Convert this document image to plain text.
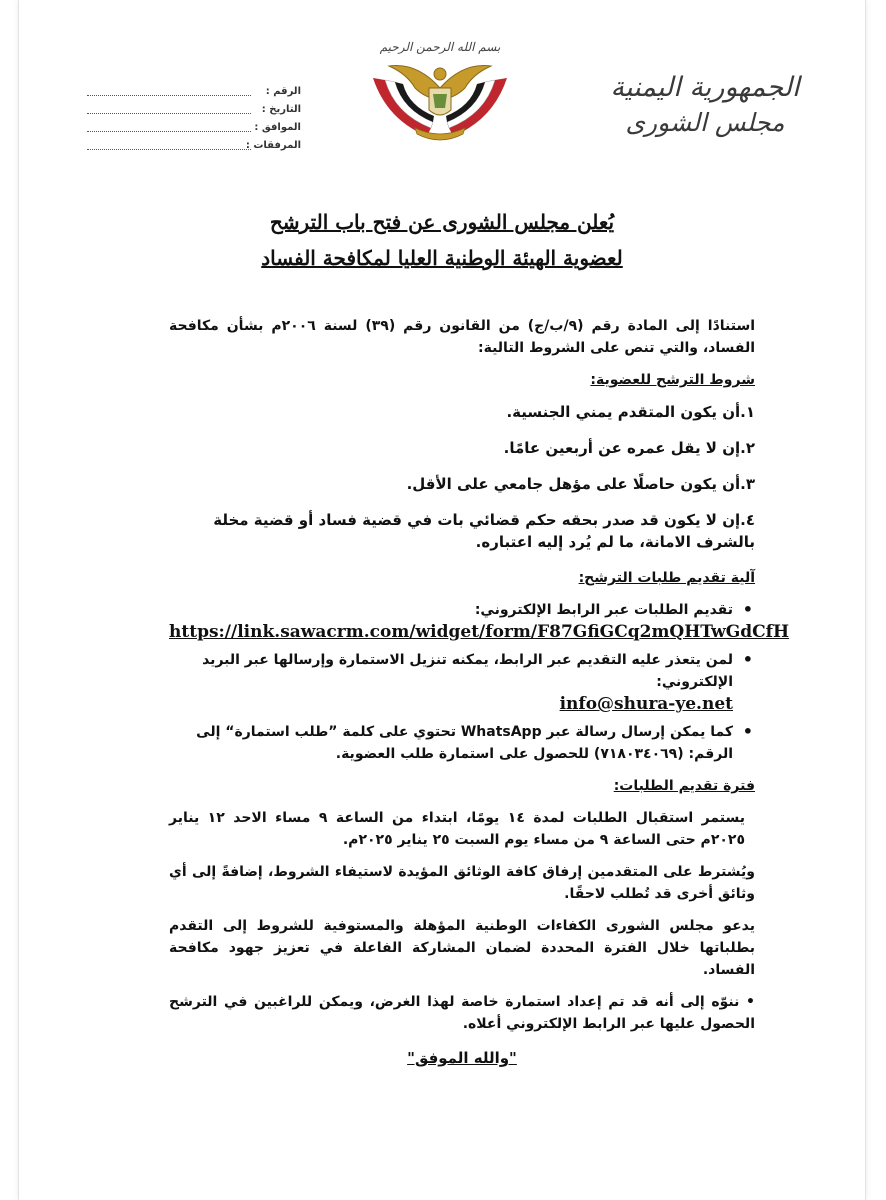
الجمهورية اليمنية
مجلس الشورى
بسم الله الرحمن الرحيم
الرقم :
التاريخ :
الموافق :
المرفقات :
يُعلن مجلس الشورى عن فتح باب الترشح
لعضوية الهيئة الوطنية العليا لمكافحة الفساد

استنادًا إلى المادة رقم (٩/ب/ج) من القانون رقم (٣٩) لسنة ٢٠٠٦م بشأن مكافحة الفساد، والتي تنص على الشروط التالية:

شروط الترشح للعضوية:

١.أن يكون المتقدم يمني الجنسية.

٢.إن لا يقل عمره عن أربعين عامًا.

٣.أن يكون حاصلًا على مؤهل جامعي على الأقل.

٤.إن لا يكون قد صدر بحقه حكم قضائي بات في قضية فساد أو قضية مخلة بالشرف الامانة، ما لم يُرد إليه اعتباره.

آلية تقديم طلبات الترشح:

• تقديم الطلبات عبر الرابط الإلكتروني:
https://link.sawacrm.com/widget/form/F87GfiGCq2mQHTwGdCfH
• لمن يتعذر عليه التقديم عبر الرابط، يمكنه تنزيل الاستمارة وإرسالها عبر البريد الإلكتروني:
info@shura-ye.net
• كما يمكن إرسال رسالة عبر WhatsApp تحتوي على كلمة ”طلب استمارة“ إلى الرقم: (٧١٨٠٣٤٠٦٩) للحصول على استمارة طلب العضوية.

فترة تقديم الطلبات:

يستمر استقبال الطلبات لمدة ١٤ يومًا، ابتداء من الساعة ٩ مساء الاحد ١٢ يناير ٢٠٢٥م حتى الساعة ٩ من مساء يوم السبت ٢٥ يناير ٢٠٢٥م.

ويُشترط على المتقدمين إرفاق كافة الوثائق المؤيدة لاستيفاء الشروط، إضافةً إلى أي وثائق أخرى قد تُطلب لاحقًا.

يدعو مجلس الشورى الكفاءات الوطنية المؤهلة والمستوفية للشروط إلى التقدم بطلباتها خلال الفترة المحددة لضمان المشاركة الفاعلة في تعزيز جهود مكافحة الفساد.

• ننوّه إلى أنه قد تم إعداد استمارة خاصة لهذا الغرض، ويمكن للراغبين في الترشح الحصول عليها عبر الرابط الإلكتروني أعلاه.

"والله الموفق"
